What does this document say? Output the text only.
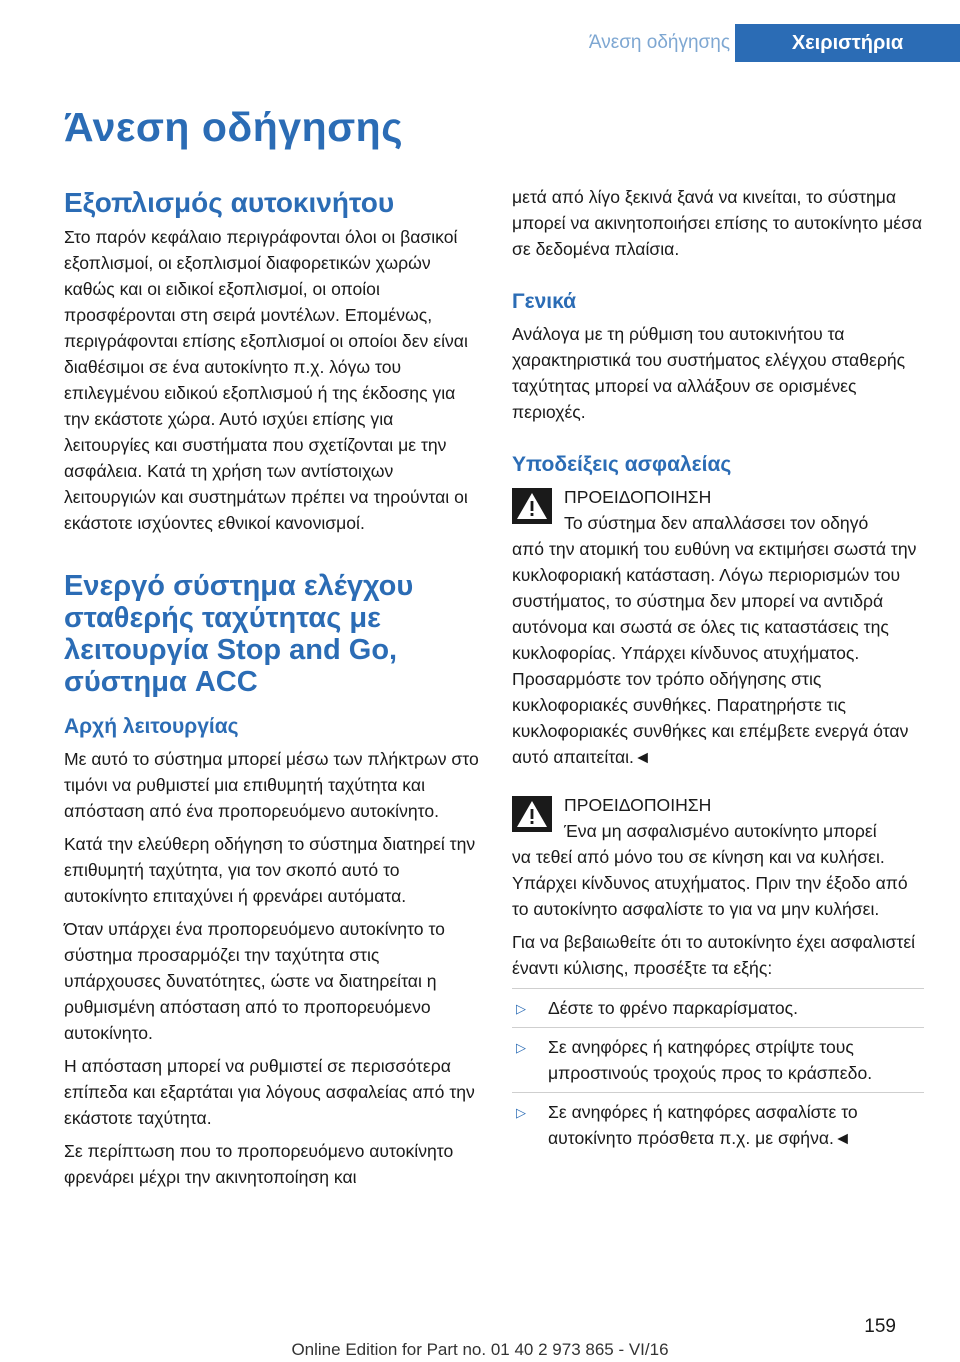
Άνεση οδήγησης	Χειριστήρια
Άνεση οδήγησης
Εξοπλισμός αυτοκινήτου

Στο παρόν κεφάλαιο περιγράφονται όλοι οι βασικοί εξοπλισμοί, οι εξοπλισμοί διαφορετικών χωρών καθώς και οι ειδικοί εξοπλισμοί, οι οποίοι προσφέρονται στη σειρά μοντέλων. Επομένως, περιγράφονται επίσης εξοπλισμοί οι οποίοι δεν είναι διαθέσιμοι σε ένα αυτοκίνητο π.χ. λόγω του επιλεγμένου ειδικού εξοπλισμού ή της έκδοσης για την εκάστοτε χώρα. Αυτό ισχύει επίσης για λειτουργίες και συστήματα που σχετίζονται με την ασφάλεια. Κατά τη χρήση των αντίστοιχων λειτουργιών και συστημάτων πρέπει να τηρούνται οι εκάστοτε ισχύοντες εθνικοί κανονισμοί.

Ενεργό σύστημα ελέγχου σταθερής ταχύτητας με λειτουργία Stop and Go, σύστημα ACC
Αρχή λειτουργίας

Με αυτό το σύστημα μπορεί μέσω των πλήκτρων στο τιμόνι να ρυθμιστεί μια επιθυμητή ταχύτητα και απόσταση από ένα προπορευόμενο αυτοκίνητο.

Κατά την ελεύθερη οδήγηση το σύστημα διατηρεί την επιθυμητή ταχύτητα, για τον σκοπό αυτό το αυτοκίνητο επιταχύνει ή φρενάρει αυτόματα.

Όταν υπάρχει ένα προπορευόμενο αυτοκίνητο το σύστημα προσαρμόζει την ταχύτητα στις υπάρχουσες δυνατότητες, ώστε να διατηρείται η ρυθμισμένη απόσταση από το προπορευόμενο αυτοκίνητο.

Η απόσταση μπορεί να ρυθμιστεί σε περισσότερα επίπεδα και εξαρτάται για λόγους ασφαλείας από την εκάστοτε ταχύτητα.

Σε περίπτωση που το προπορευόμενο αυτοκίνητο φρενάρει μέχρι την ακινητοποίηση και

μετά από λίγο ξεκινά ξανά να κινείται, το σύστημα μπορεί να ακινητοποιήσει επίσης το αυτοκίνητο μέσα σε δεδομένα πλαίσια.

Γενικά

Ανάλογα με τη ρύθμιση του αυτοκινήτου τα χαρακτηριστικά του συστήματος ελέγχου σταθερής ταχύτητας μπορεί να αλλάξουν σε ορισμένες περιοχές.

Υποδείξεις ασφαλείας

ΠΡΟΕΙΔΟΠΟΙΗΣΗ

Το σύστημα δεν απαλλάσσει τον οδηγό

από την ατομική του ευθύνη να εκτιμήσει σωστά την κυκλοφοριακή κατάσταση. Λόγω περιορισμών του συστήματος, το σύστημα δεν μπορεί να αντιδρά αυτόνομα και σωστά σε όλες τις καταστάσεις της κυκλοφορίας. Υπάρχει κίνδυνος ατυχήματος. Προσαρμόστε τον τρόπο οδήγησης στις κυκλοφοριακές συνθήκες. Παρατηρήστε τις κυκλοφοριακές συνθήκες και επέμβετε ενεργά όταν αυτό απαιτείται.◄

ΠΡΟΕΙΔΟΠΟΙΗΣΗ

Ένα μη ασφαλισμένο αυτοκίνητο μπορεί

να τεθεί από μόνο του σε κίνηση και να κυλήσει. Υπάρχει κίνδυνος ατυχήματος. Πριν την έξοδο από το αυτοκίνητο ασφαλίστε το για να μην κυλήσει.

Για να βεβαιωθείτε ότι το αυτοκίνητο έχει ασφαλιστεί έναντι κύλισης, προσέξτε τα εξής:

▷ Δέστε το φρένο παρκαρίσματος.
▷ Σε ανηφόρες ή κατηφόρες στρίψτε τους μπροστινούς τροχούς προς το κράσπεδο.
▷ Σε ανηφόρες ή κατηφόρες ασφαλίστε το αυτοκίνητο πρόσθετα π.χ. με σφήνα.◄
159
Online Edition for Part no. 01 40 2 973 865 - VI/16
